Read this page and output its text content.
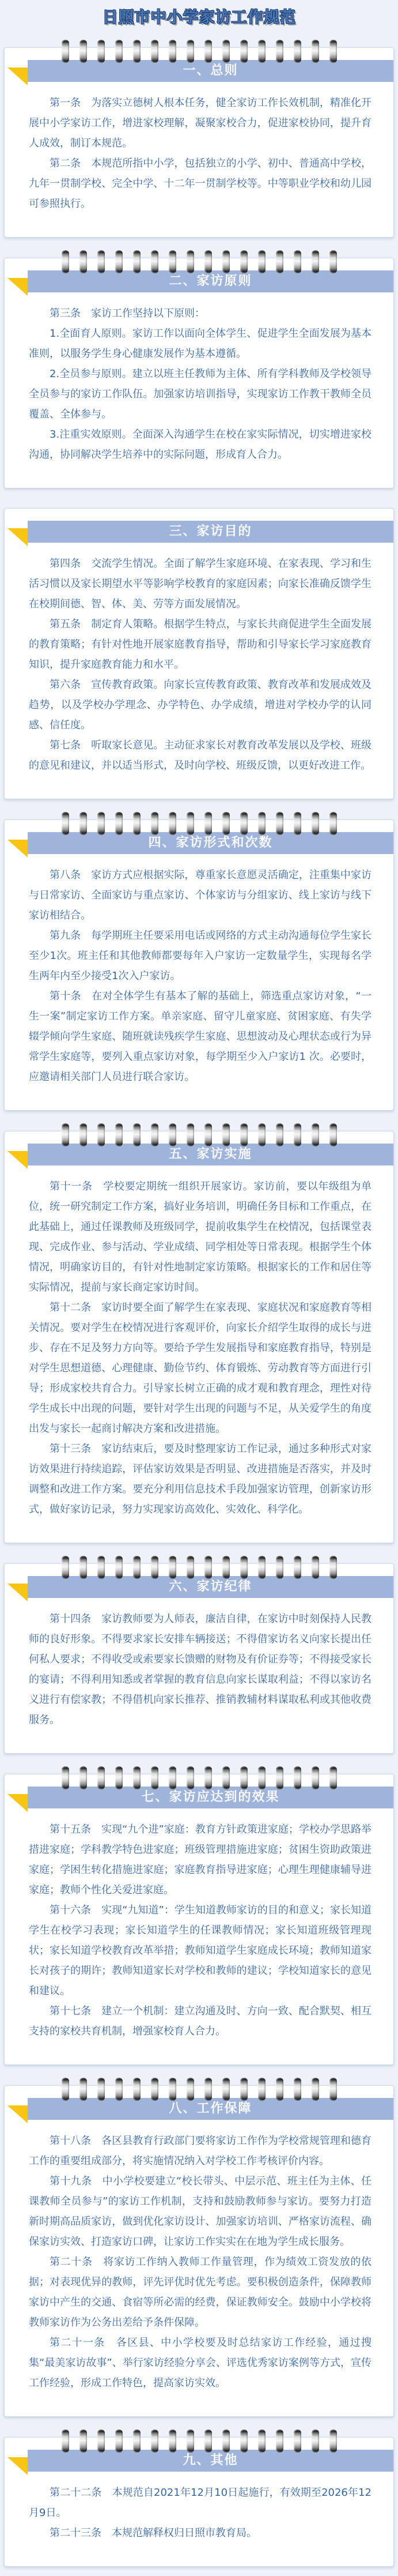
日照市中小学家访工作规范
一、总则

第一条　为落实立德树人根本任务，健全家访工作长效机制，精准化开展中小学家访工作，增进家校理解，凝聚家校合力，促进家校协同，提升育人成效，制订本规范。

第二条　本规范所指中小学，包括独立的小学、初中、普通高中学校，九年一贯制学校、完全中学、十二年一贯制学校等。中等职业学校和幼儿园可参照执行。

二、家访原则

第三条　家访工作坚持以下原则：

1.全面育人原则。家访工作以面向全体学生、促进学生全面发展为基本准则，以服务学生身心健康发展作为基本遵循。

2.全员参与原则。建立以班主任教师为主体、所有学科教师及学校领导全员参与的家访工作队伍。加强家访培训指导，实现家访工作教干教师全员覆盖、全体参与。

3.注重实效原则。全面深入沟通学生在校在家实际情况，切实增进家校沟通，协同解决学生培养中的实际问题，形成育人合力。

三、家访目的

第四条　交流学生情况。全面了解学生家庭环境、在家表现、学习和生活习惯以及家长期望水平等影响学校教育的家庭因素；向家长准确反馈学生在校期间德、智、体、美、劳等方面发展情况。

第五条　制定育人策略。根据学生特点，与家长共商促进学生全面发展的教育策略；有针对性地开展家庭教育指导，帮助和引导家长学习家庭教育知识，提升家庭教育能力和水平。

第六条　宣传教育政策。向家长宣传教育政策、教育改革和发展成效及趋势，以及学校办学理念、办学特色、办学成绩，增进对学校办学的认同感、信任度。

第七条　听取家长意见。主动征求家长对教育改革发展以及学校、班级的意见和建议，并以适当形式，及时向学校、班级反馈，以更好改进工作。

四、家访形式和次数

第八条　家访方式应根据实际，尊重家长意愿灵活确定，注重集中家访与日常家访、全面家访与重点家访、个体家访与分组家访、线上家访与线下家访相结合。

第九条　每学期班主任要采用电话或网络的方式主动沟通每位学生家长至少1次。班主任和其他教师都要每年入户家访一定数量学生，实现每名学生两年内至少接受1次入户家访。

第十条　在对全体学生有基本了解的基础上，筛选重点家访对象，“一生一案”制定家访工作方案。单亲家庭、留守儿童家庭、贫困家庭、有失学辍学倾向学生家庭、随班就读残疾学生家庭、思想波动及心理状态或行为异常学生家庭等，要列入重点家访对象，每学期至少入户家访1 次。必要时，应邀请相关部门人员进行联合家访。

五、家访实施

第十一条　学校要定期统一组织开展家访。家访前，要以年级组为单位，统一研究制定工作方案，搞好业务培训，明确任务目标和工作重点，在此基础上，通过任课教师及班级同学，提前收集学生在校情况，包括课堂表现、完成作业、参与活动、学业成绩、同学相处等日常表现。根据学生个体情况，明确家访目的，有针对性地制定家访策略。根据家长的工作和居住等实际情况，提前与家长商定家访时间。

第十二条　家访时要全面了解学生在家表现、家庭状况和家庭教育等相关情况。要对学生在校情况进行客观评价，向家长介绍学生取得的成长与进步、存在不足及努力方向等。要给予学生发展指导和家庭教育指导，特别是对学生思想道德、心理健康、勤俭节约、体育锻炼、劳动教育等方面进行引导；形成家校共育合力。引导家长树立正确的成才观和教育理念，理性对待学生成长中出现的问题，要针对学生出现的问题与不足，从关爱学生的角度出发与家长一起商讨解决方案和改进措施。

第十三条　家访结束后，要及时整理家访工作记录，通过多种形式对家访效果进行持续追踪，评估家访效果是否明显、改进措施是否落实，并及时调整和改进工作方案。要充分利用信息技术手段加强家访管理，创新家访形式，做好家访记录，努力实现家访高效化、实效化、科学化。

六、家访纪律

第十四条　家访教师要为人师表，廉洁自律，在家访中时刻保持人民教师的良好形象。不得要求家长安排车辆接送；不得借家访名义向家长提出任何私人要求；不得收受或索要家长馈赠的财物及有价证券等；不得接受家长的宴请；不得利用知悉或者掌握的教育信息向家长谋取利益；不得以家访名义进行有偿家教；不得借机向家长推荐、推销教辅材料谋取私利或其他收费服务。

七、家访应达到的效果

第十五条　实现“九个进”家庭：教育方针政策进家庭；学校办学思路举措进家庭；学科教学特色进家庭；班级管理措施进家庭；贫困生资助政策进家庭；学困生转化措施进家庭；家庭教育指导进家庭；心理生理健康辅导进家庭；教师个性化关爱进家庭。

第十六条　实现“九知道”：学生知道教师家访的目的和意义；家长知道学生在校学习表现；家长知道学生的任课教师情况；家长知道班级管理现状；家长知道学校教育改革举措；教师知道学生家庭成长环境；教师知道家长对孩子的期许；教师知道家长对学校和教师的建议；学校知道家长的意见和建议。

第十七条　建立一个机制：建立沟通及时、方向一致、配合默契、相互支持的家校共育机制，增强家校育人合力。

八、工作保障

第十八条　各区县教育行政部门要将家访工作作为学校常规管理和德育工作的重要组成部分，将实施情况纳入对学校工作考核评价内容。

第十九条　中小学校要建立“校长带头、中层示范、班主任为主体、任课教师全员参与”的家访工作机制，支持和鼓励教师参与家访。要努力打造新时期高品质家访，做到优化家访设计、加强家访培训、严格家访流程、确保家访实效、打造家访口碑，让家访工作实实在在地为学生成长服务。

第二十条　将家访工作纳入教师工作量管理，作为绩效工资发放的依据；对表现优异的教师，评先评优时优先考虑。要积极创造条件，保障教师家访中产生的交通、食宿等所必需的经费，保证教师安全。鼓励中小学校将教师家访作为公务出差给予条件保障。

第二十一条　各区县、中小学校要及时总结家访工作经验，通过搜集“最美家访故事”、举行家访经验分享会、评选优秀家访案例等方式，宣传工作经验，形成工作特色，提高家访实效。

九、其他

第二十二条　本规范自2021年12月10日起施行，有效期至2026年12月9日。

第二十三条　本规范解释权归日照市教育局。
